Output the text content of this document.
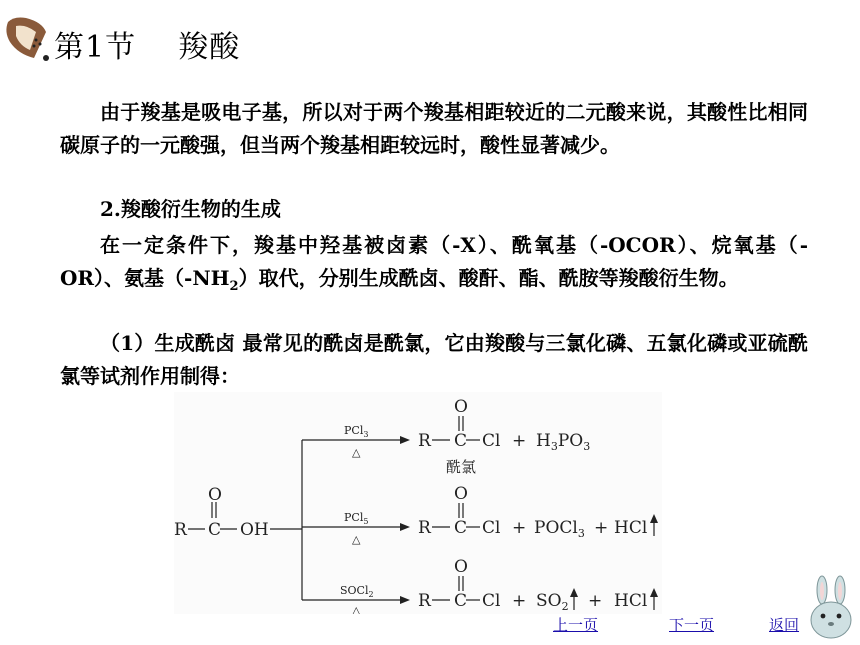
第1节    羧酸

由于羧基是吸电子基，所以对于两个羧基相距较近的二元酸来说，其酸性比相同碳原子的一元酸强，但当两个羧基相距较远时，酸性显著减少。

2.羧酸衍生物的生成

在一定条件下，羧基中羟基被卤素（-X）、酰氧基（-OCOR）、烷氧基（-OR）、氨基$(-NH_2)$取代，分别生成酰卤、酸酐、酯、酰胺等羧酸衍生物。

（1）生成酰卤 最常见的酰卤是酰氯，它由羧酸与三氯化磷、五氯化磷或亚硫酰氯等试剂作用制得：

R C
O
OH
R C
O
$Cl + H_3PO_3$
酰氯
R C
O
Cl + POCl$_3$ + HCl
R C
O
$Cl + SO_2$ + HCl
PCl$_3$
△
PCl$_5$
△
SOCl$_2$
△
上一页	下一页	返回
